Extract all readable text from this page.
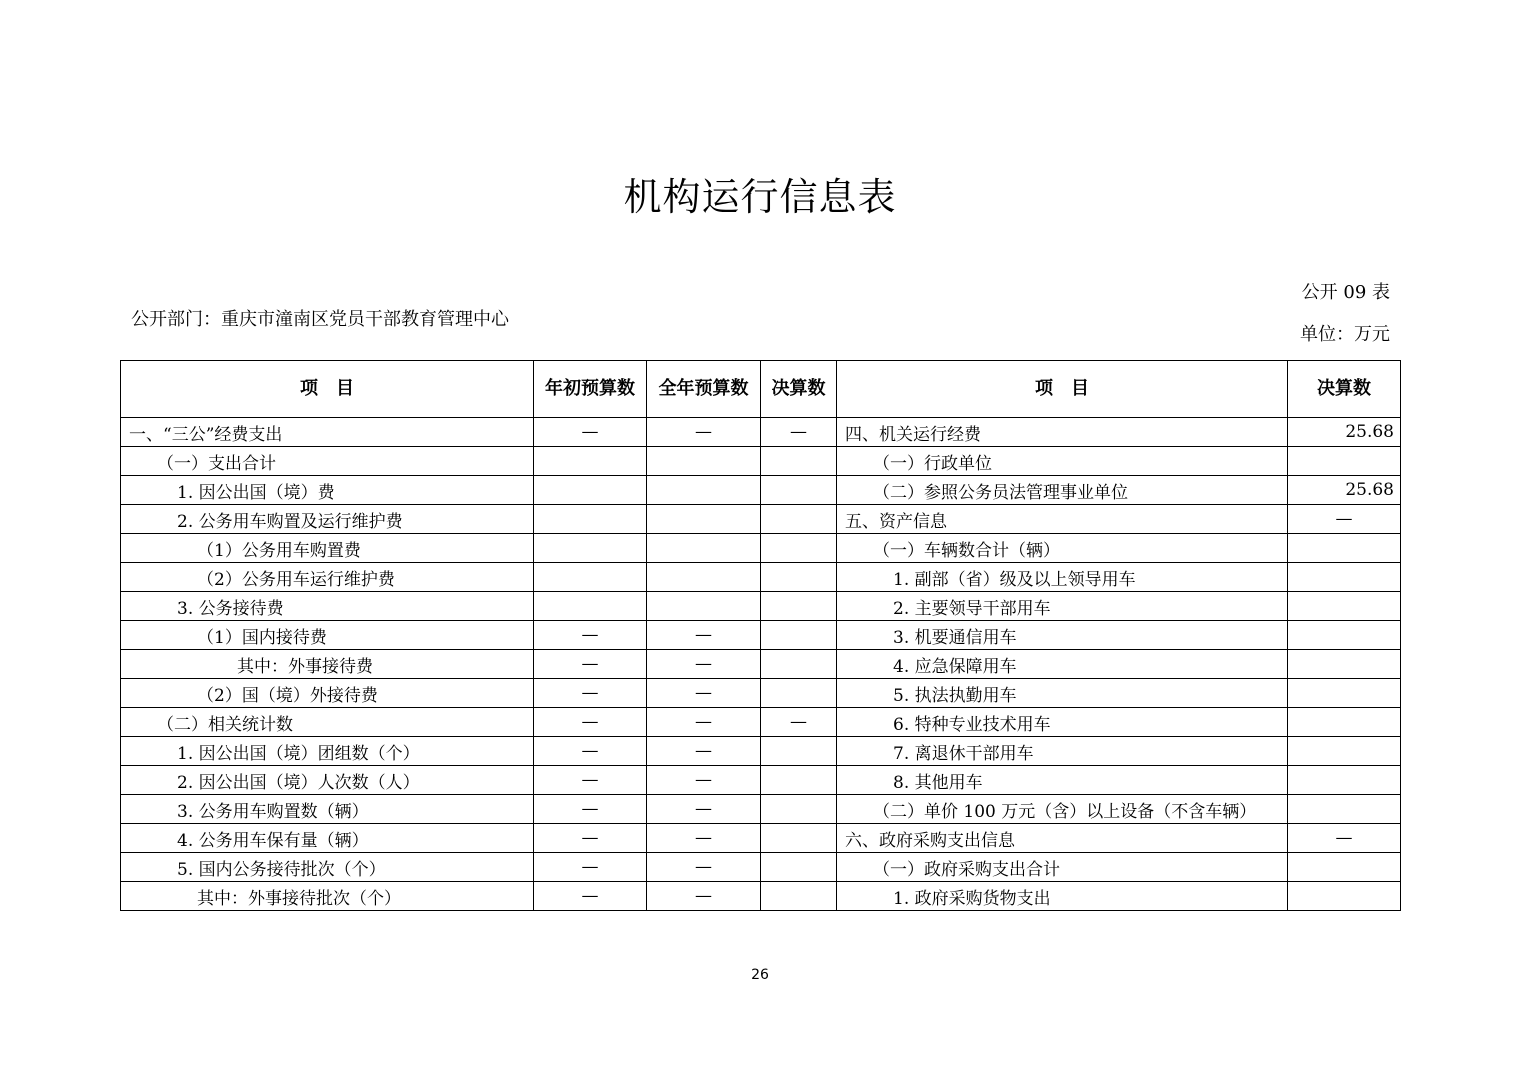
机构运行信息表
公开 09 表
公开部门：重庆市潼南区党员干部教育管理中心
单位：万元
项　目	年初预算数	全年预算数	决算数	项　目	决算数
一、“三公”经费支出	—	—	—	四、机关运行经费	25.68
（一）支出合计				（一）行政单位	
1. 因公出国（境）费				（二）参照公务员法管理事业单位	25.68
2. 公务用车购置及运行维护费				五、资产信息	—
（1）公务用车购置费				（一）车辆数合计（辆）	
（2）公务用车运行维护费				1. 副部（省）级及以上领导用车	
3. 公务接待费				2. 主要领导干部用车	
（1）国内接待费	—	—		3. 机要通信用车	
其中：外事接待费	—	—		4. 应急保障用车	
（2）国（境）外接待费	—	—		5. 执法执勤用车	
（二）相关统计数	—	—	—	6. 特种专业技术用车	
1. 因公出国（境）团组数（个）	—	—		7. 离退休干部用车	
2. 因公出国（境）人次数（人）	—	—		8. 其他用车	
3. 公务用车购置数（辆）	—	—		（二）单价 100 万元（含）以上设备（不含车辆）	
4. 公务用车保有量（辆）	—	—		六、政府采购支出信息	—
5. 国内公务接待批次（个）	—	—		（一）政府采购支出合计	
其中：外事接待批次（个）	—	—		1. 政府采购货物支出	
26
